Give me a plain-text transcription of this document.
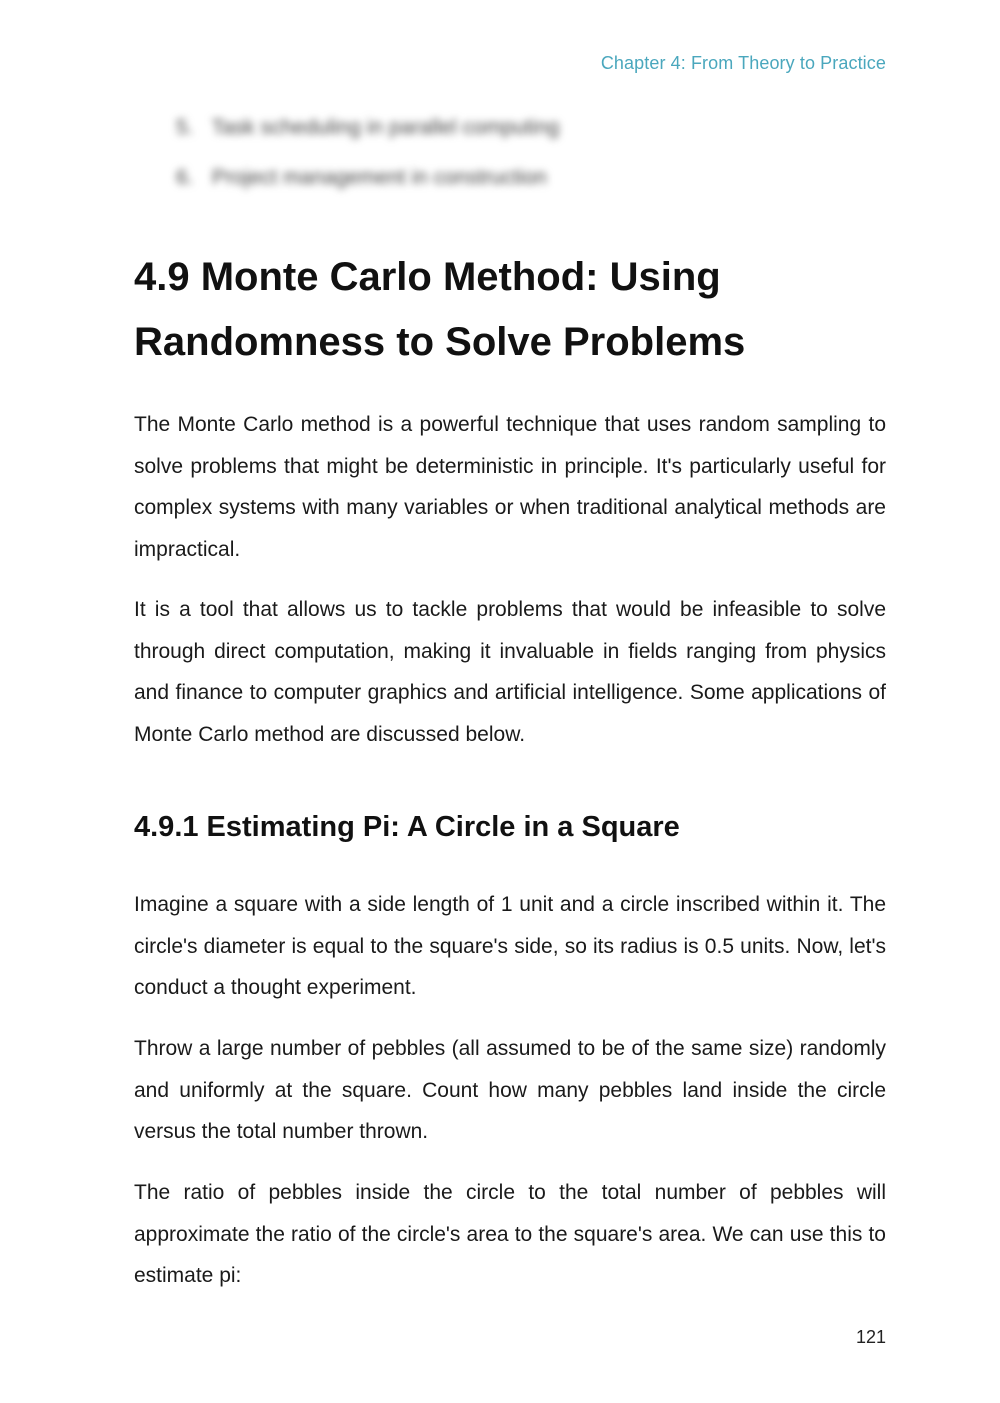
Chapter 4: From Theory to Practice
5. Task scheduling in parallel computing
6. Project management in construction
4.9 Monte Carlo Method: Using Randomness to Solve Problems

The Monte Carlo method is a powerful technique that uses random sampling to solve problems that might be deterministic in principle. It's particularly useful for complex systems with many variables or when traditional analytical methods are impractical.

It is a tool that allows us to tackle problems that would be infeasible to solve through direct computation, making it invaluable in fields ranging from physics and finance to computer graphics and artificial intelligence. Some applications of Monte Carlo method are discussed below.

4.9.1 Estimating Pi: A Circle in a Square

Imagine a square with a side length of 1 unit and a circle inscribed within it. The circle's diameter is equal to the square's side, so its radius is 0.5 units. Now, let's conduct a thought experiment.

Throw a large number of pebbles (all assumed to be of the same size) randomly and uniformly at the square. Count how many pebbles land inside the circle versus the total number thrown.

The ratio of pebbles inside the circle to the total number of pebbles will approximate the ratio of the circle's area to the square's area. We can use this to estimate pi:

121
